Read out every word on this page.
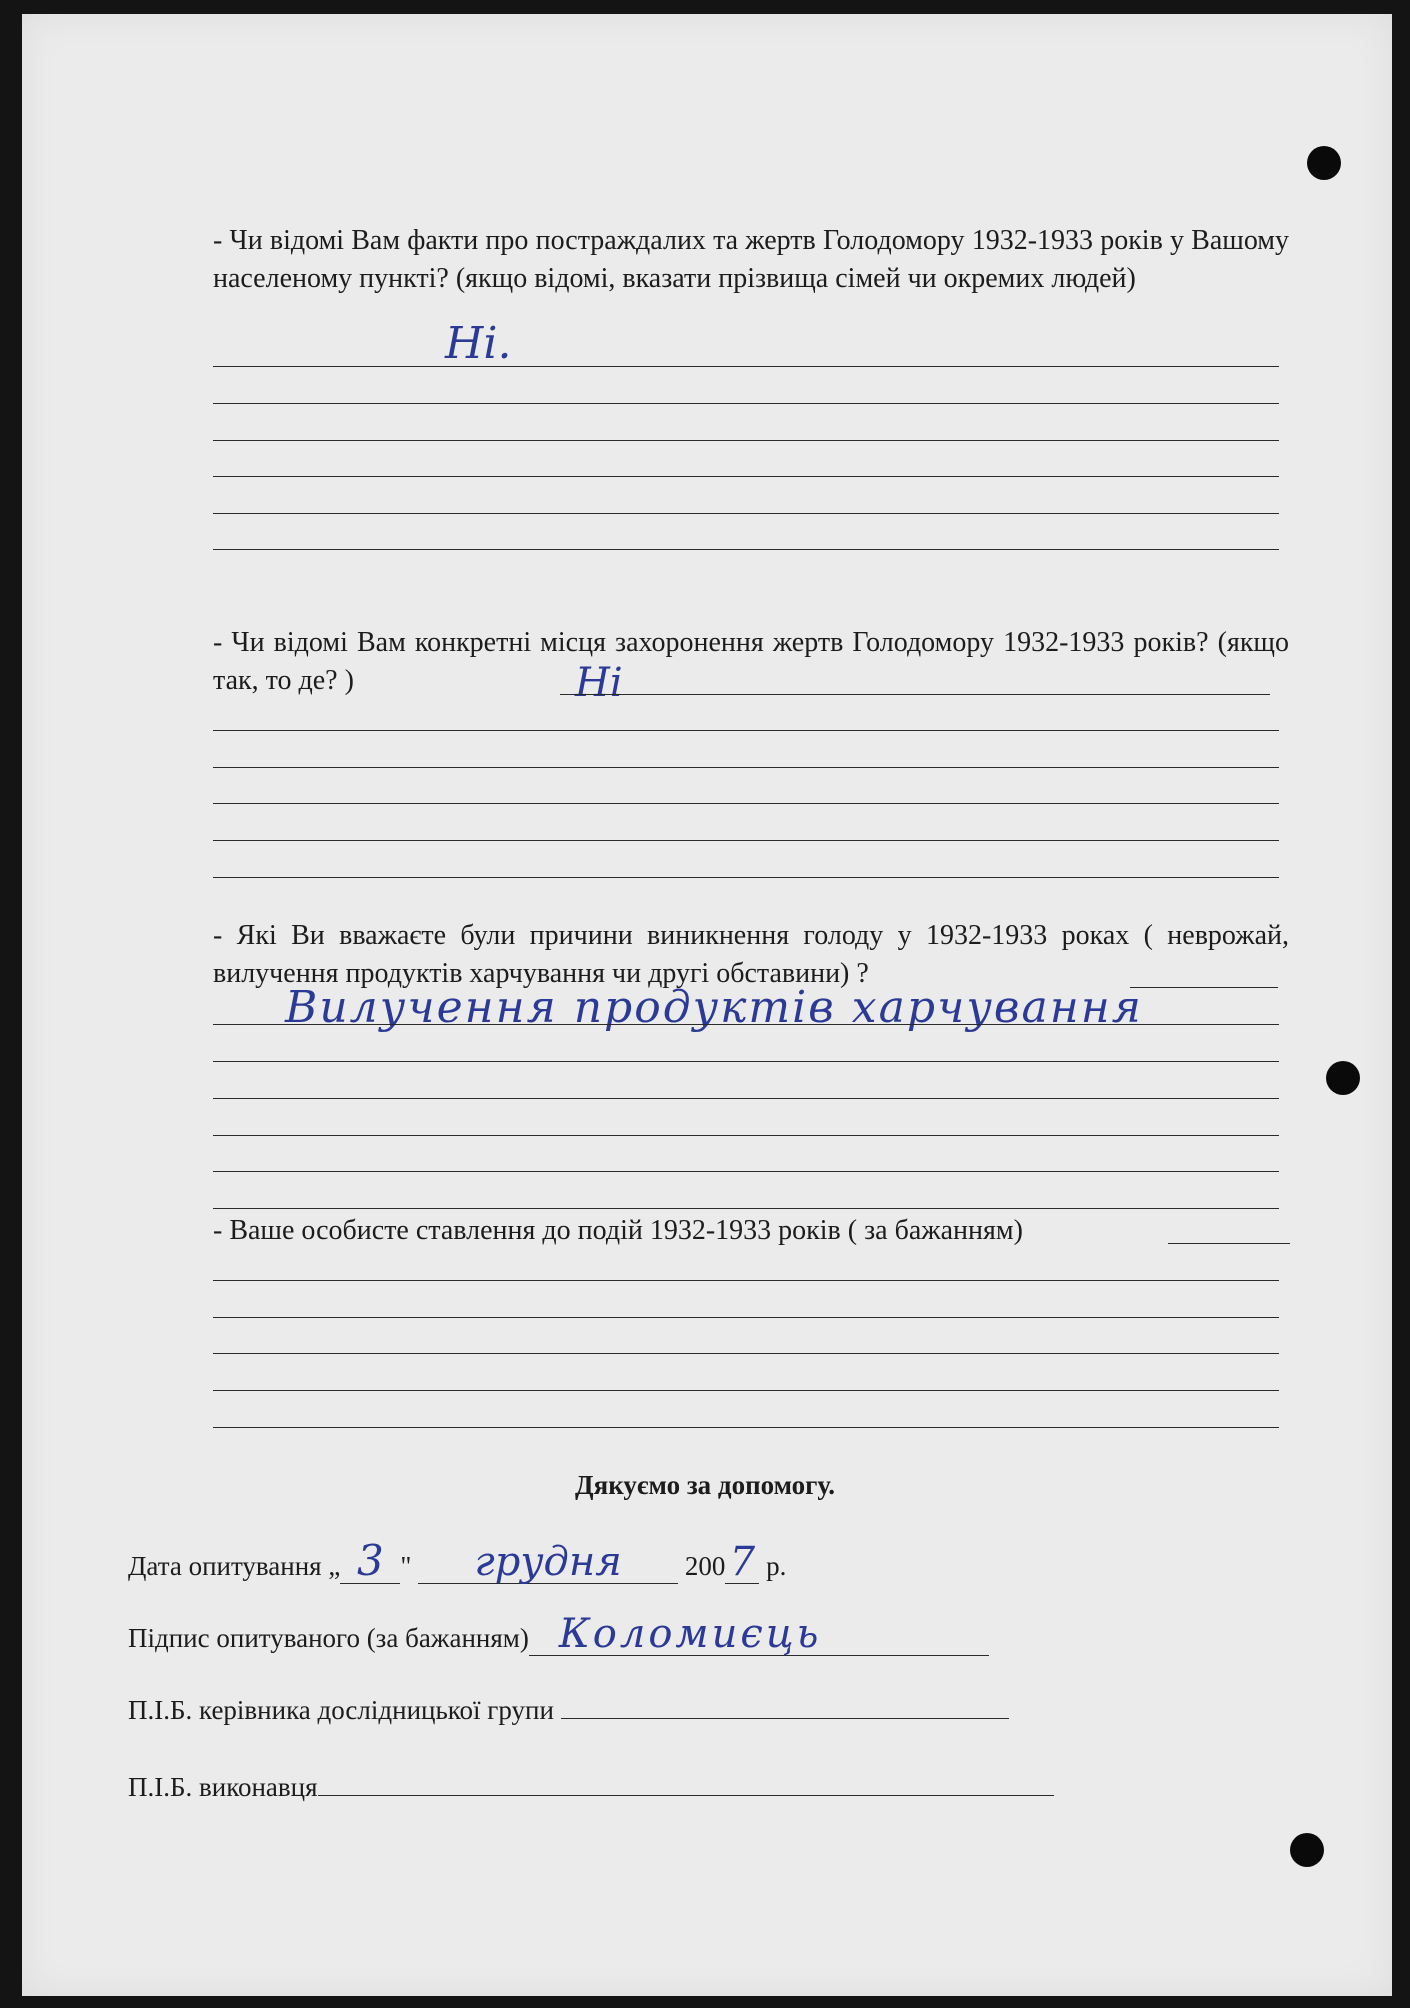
- Чи відомі Вам факти про постраждалих та жертв Голодомору 1932-1933 років у Вашому населеному пункті? (якщо відомі, вказати прізвища сімей чи окремих людей)
Ні.
- Чи відомі Вам конкретні місця захоронення жертв Голодомору 1932-1933 років? (якщо так, то де? )	Ні
- Які Ви вважаєте були причини виникнення голоду у 1932-1933 роках ( неврожай, вилучення продуктів харчування чи другі обставини) ?
Вилучення продуктів харчування
- Ваше особисте ставлення до подій 1932-1933 років ( за бажанням)
Дякуємо за допомогу.
Дата опитування „ 3 " грудня 200 7 р.
Підпис опитуваного (за бажанням) Коломиєць
П.І.Б. керівника дослідницької групи
П.І.Б. виконавця
